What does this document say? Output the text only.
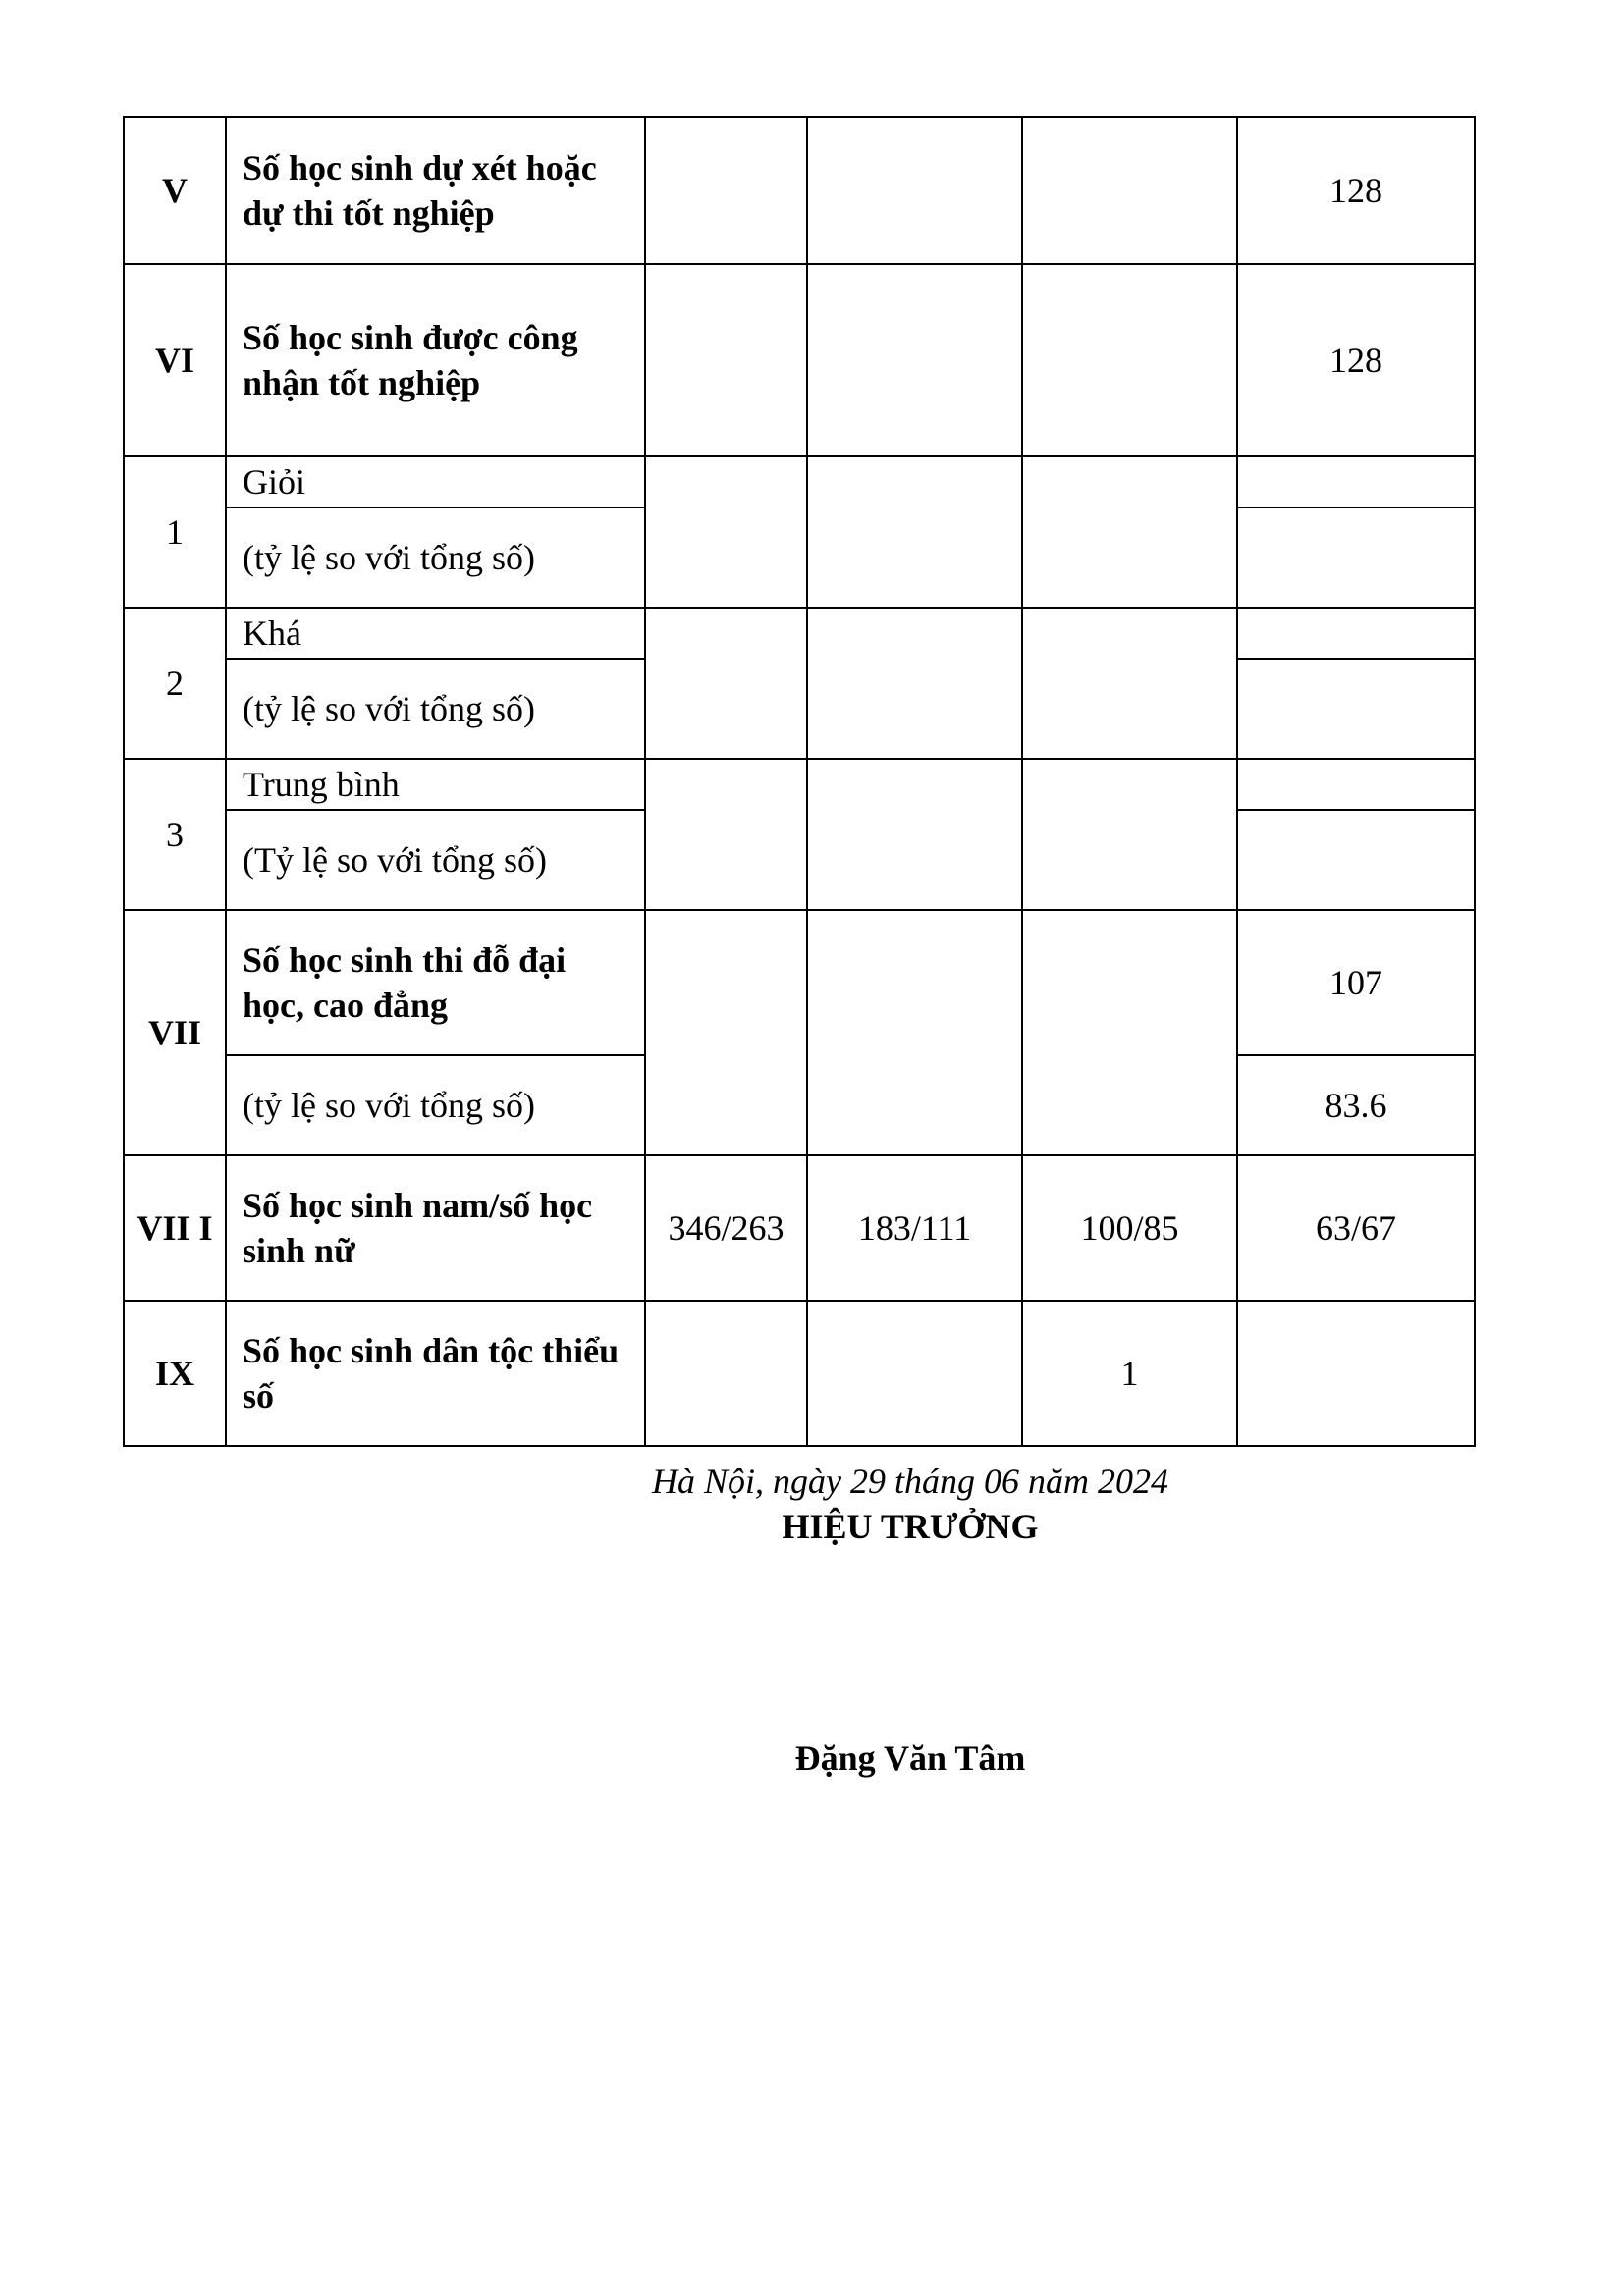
V	Số học sinh dự xét hoặc dự thi tốt nghiệp				128
VI	Số học sinh được công nhận tốt nghiệp				128
1	Giỏi				
	(tỷ lệ so với tổng số)				
2	Khá				
	(tỷ lệ so với tổng số)				
3	Trung bình				
	(Tỷ lệ so với tổng số)				
VII	Số học sinh thi đỗ đại học, cao đẳng				107
	(tỷ lệ so với tổng số)				83.6
VII I	Số học sinh nam/số học sinh nữ	346/263	183/111	100/85	63/67
IX	Số học sinh dân tộc thiểu số			1	
Hà Nội, ngày 29 tháng 06 năm 2024
HIỆU TRƯỞNG
Đặng Văn Tâm
